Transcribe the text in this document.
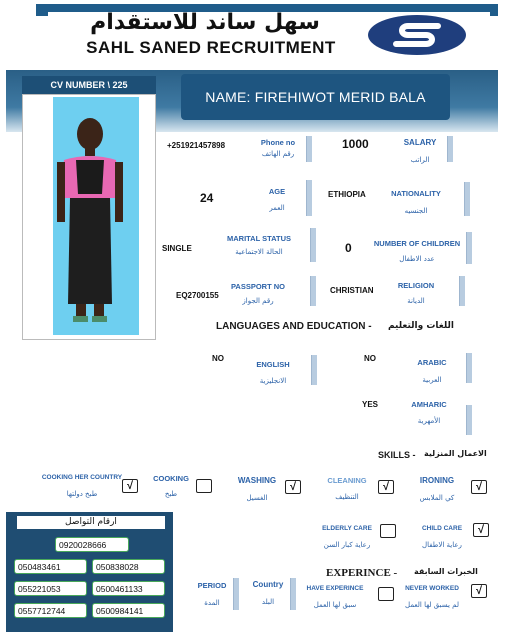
سهل ساند للاستقدام
SAHL SANED RECRUITMENT
CV NUMBER \ 225
NAME: FIREHIWOT MERID BALA
+251921457898	Phone no
رقم الهاتف
1000	SALARY
الراتب
24	AGE
العمر
ETHIOPIA	NATIONALITY
الجنسيه
SINGLE
MARITAL STATUS
الحالة الاجتماعية	0	NUMBER OF CHILDREN
عدد الاطفال
EQ2700155
PASSPORT NO
رقم الجواز
CHRISTIAN
RELIGION
الديانة
LANGUAGES AND EDUCATION - اللغات والتعليم
NO
ENGLISH
الانجليزية
NO	ARABIC
العربية
YES	AMHARIC
الأمهرية
SKILLS - الاعمال المنزلية
COOKING HER COUNTRY
طبخ دولتها
√
COOKING
طبخ
WASHING
الغسيل
√
CLEANING
التنظيف
√
IRONING
كي الملابس
√
ELDERLY CARE
رعاية كبار السن
CHILD CARE
رعاية الاطفال
√
EXPERINCE - الخبرات السابقة
PERIOD
المدة
Country
البلد
HAVE EXPERINCE
سبق لها العمل
NEVER WORKED
لم يسبق لها العمل
√
ارقام التواصل
0920028666
050483461	050838028
055221053	0500461133
0557712744	0500984141
